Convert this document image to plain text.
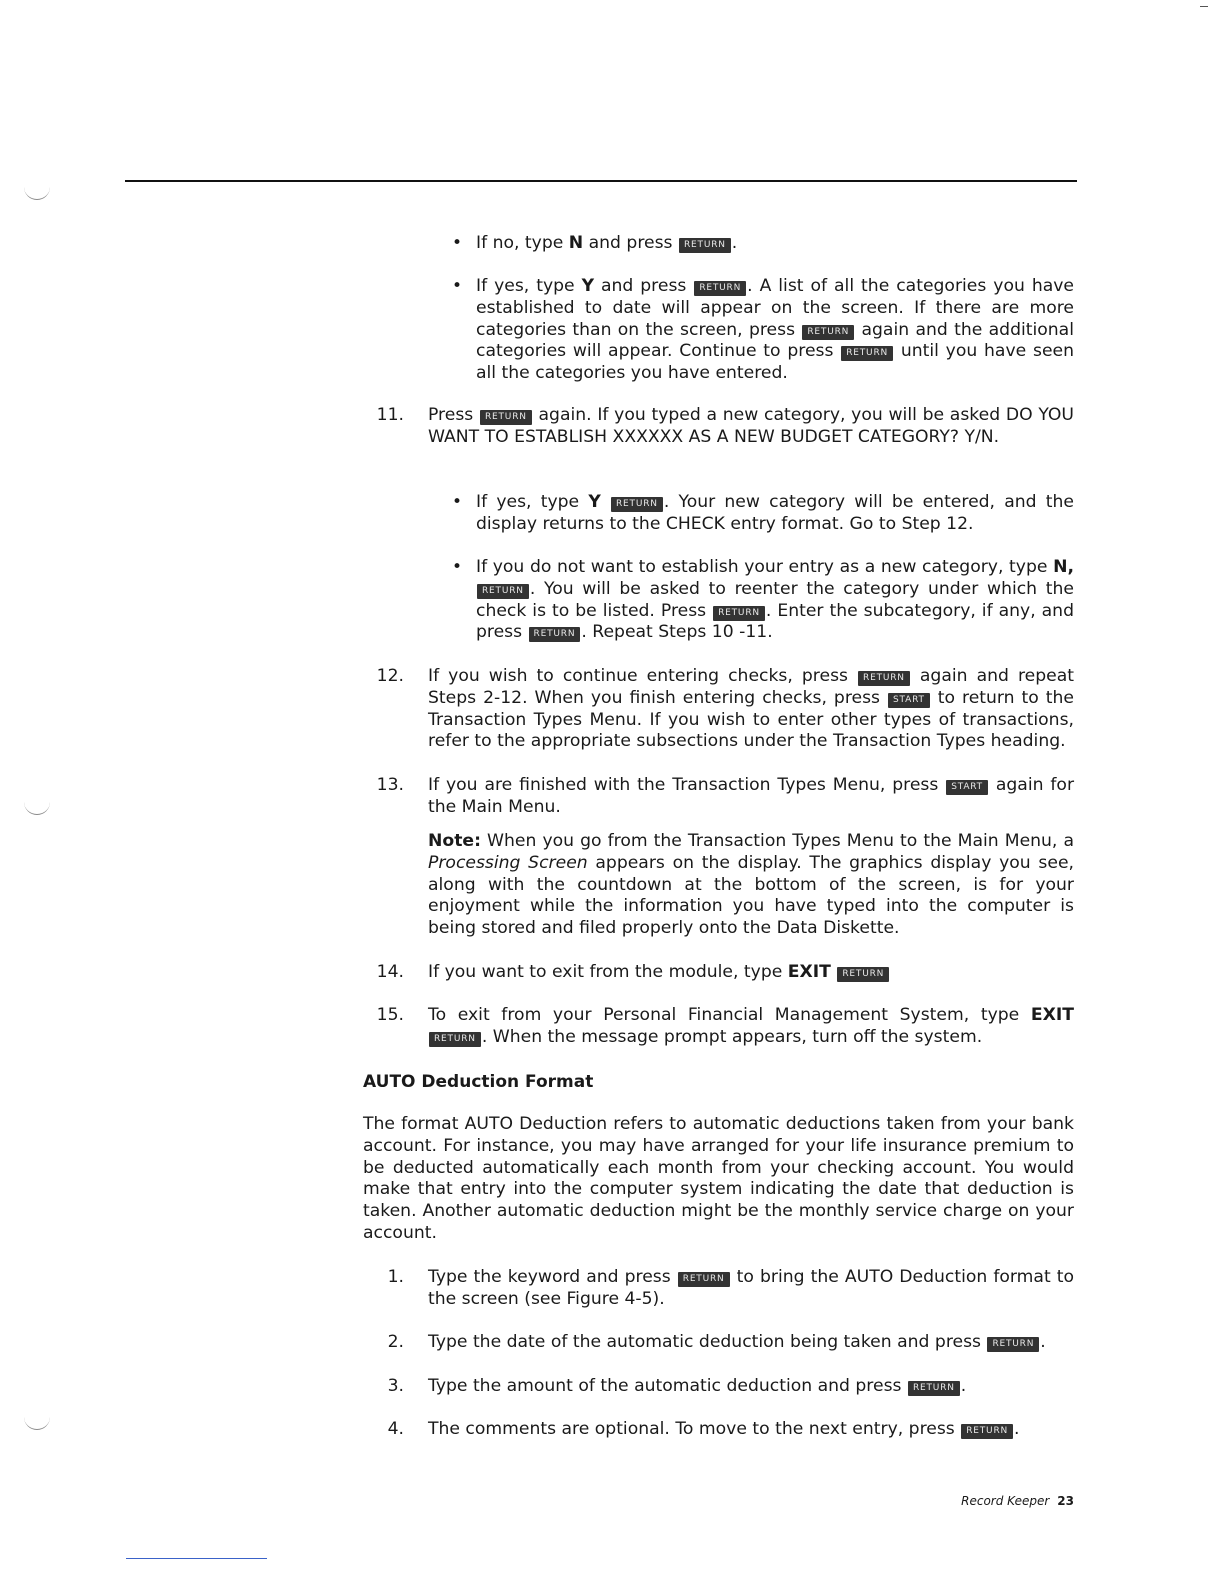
• If no, type N and press RETURN .
• If yes, type Y and press RETURN . A list of all the categories you have established to date will appear on the screen. If there are more categories than on the screen, press RETURN again and the additional categories will appear. Continue to press RETURN until you have seen all the categories you have entered.
11. Press RETURN again. If you typed a new category, you will be asked DO YOU WANT TO ESTABLISH XXXXXX AS A NEW BUDGET CATEGORY? Y/N.
• If yes, type Y RETURN . Your new category will be entered, and the display returns to the CHECK entry format. Go to Step 12.
• If you do not want to establish your entry as a new category, type N, RETURN . You will be asked to reenter the category under which the check is to be listed. Press RETURN . Enter the subcategory, if any, and press RETURN . Repeat Steps 10 -11.
12. If you wish to continue entering checks, press RETURN again and repeat Steps 2-12. When you finish entering checks, press START to return to the Transaction Types Menu. If you wish to enter other types of transactions, refer to the appropriate subsections under the Transaction Types heading.
13. If you are finished with the Transaction Types Menu, press START again for the Main Menu.
Note: When you go from the Transaction Types Menu to the Main Menu, a Processing Screen appears on the display. The graphics display you see, along with the countdown at the bottom of the screen, is for your enjoyment while the information you have typed into the computer is being stored and filed properly onto the Data Diskette.
14. If you want to exit from the module, type EXIT RETURN
15. To exit from your Personal Financial Management System, type EXIT RETURN . When the message prompt appears, turn off the system.
AUTO Deduction Format
The format AUTO Deduction refers to automatic deductions taken from your bank account. For instance, you may have arranged for your life insurance premium to be deducted automatically each month from your checking account. You would make that entry into the computer system indicating the date that deduction is taken. Another automatic deduction might be the monthly service charge on your account.
1. Type the keyword and press RETURN to bring the AUTO Deduction format to the screen (see Figure 4-5).
2. Type the date of the automatic deduction being taken and press RETURN .
3. Type the amount of the automatic deduction and press RETURN .
4. The comments are optional. To move to the next entry, press RETURN .
Record Keeper 23
